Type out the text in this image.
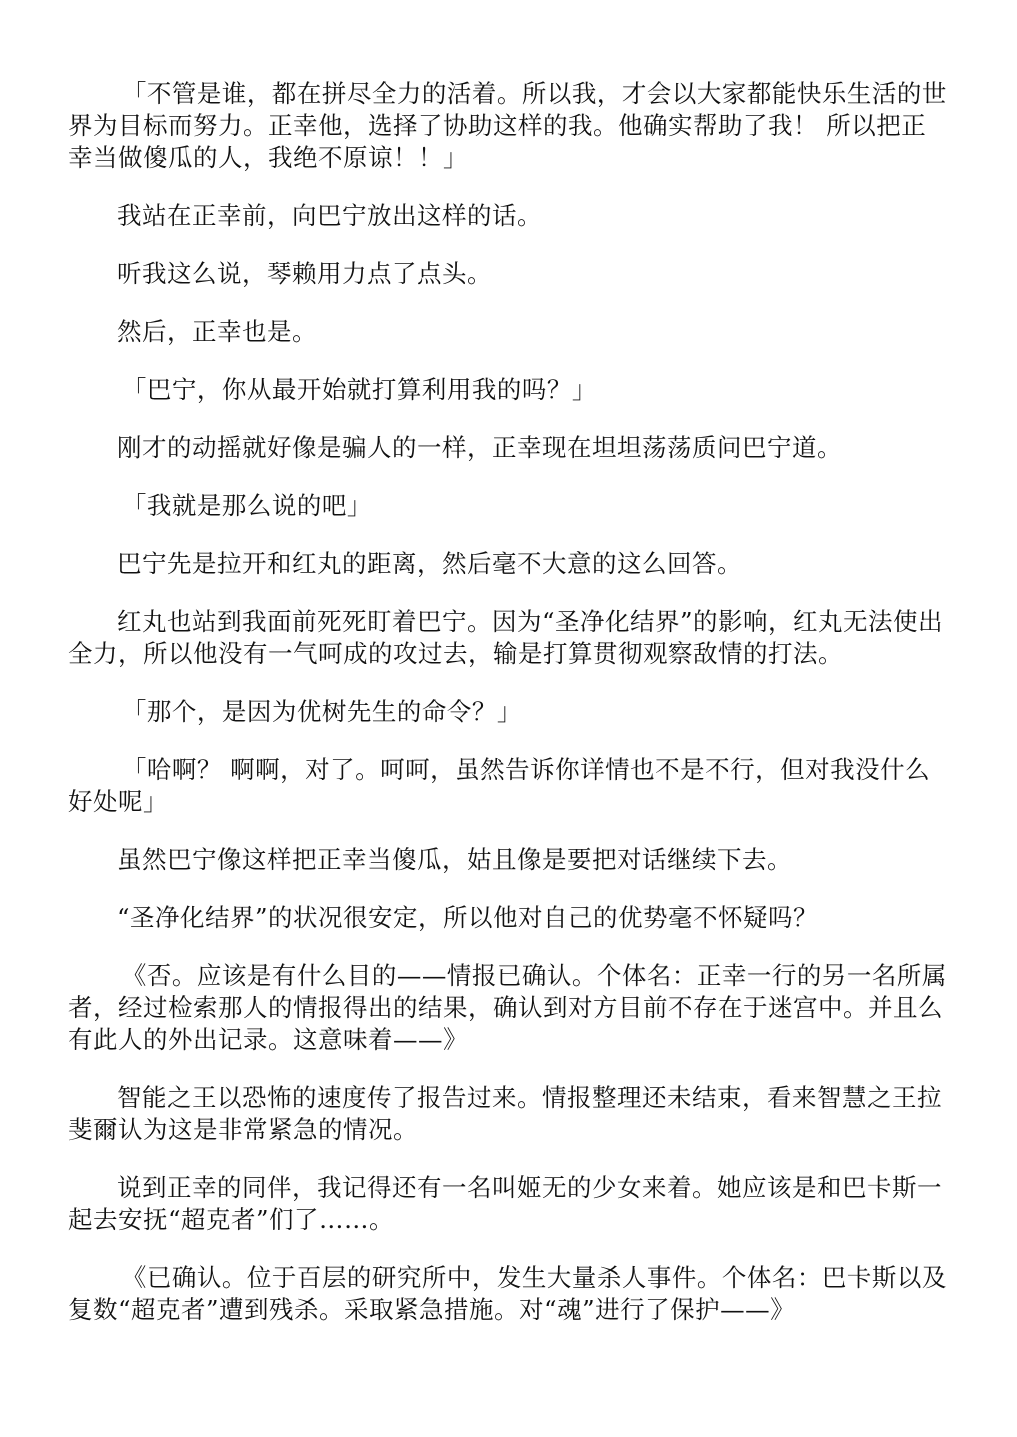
「不管是谁，都在拼尽全力的活着。所以我，才会以大家都能快乐生活的世界为目标而努力。正幸他，选择了协助这样的我。他确实帮助了我！ 所以把正幸当做傻瓜的人，我绝不原谅！！」

我站在正幸前，向巴宁放出这样的话。

听我这么说，琴赖用力点了点头。

然后，正幸也是。

「巴宁，你从最开始就打算利用我的吗？」

刚才的动摇就好像是骗人的一样，正幸现在坦坦荡荡质问巴宁道。

「我就是那么说的吧」

巴宁先是拉开和红丸的距离，然后毫不大意的这么回答。

红丸也站到我面前死死盯着巴宁。因为“圣净化结界”的影响，红丸无法使出全力，所以他没有一气呵成的攻过去，输是打算贯彻观察敌情的打法。

「那个，是因为优树先生的命令？」

「哈啊？ 啊啊，对了。呵呵，虽然告诉你详情也不是不行，但对我没什么好处呢」

虽然巴宁像这样把正幸当傻瓜，姑且像是要把对话继续下去。

“圣净化结界”的状况很安定，所以他对自己的优势毫不怀疑吗？

《否。应该是有什么目的——情报已确认。个体名：正幸一行的另一名所属者，经过检索那人的情报得出的结果，确认到对方目前不存在于迷宫中。并且么有此人的外出记录。这意味着——》

智能之王以恐怖的速度传了报告过来。情报整理还未结束，看来智慧之王拉斐爾认为这是非常紧急的情况。

说到正幸的同伴，我记得还有一名叫姬无的少女来着。她应该是和巴卡斯一起去安抚“超克者”们了……。

《已确认。位于百层的研究所中，发生大量杀人事件。个体名：巴卡斯以及复数“超克者”遭到残杀。采取紧急措施。对“魂”进行了保护——》
